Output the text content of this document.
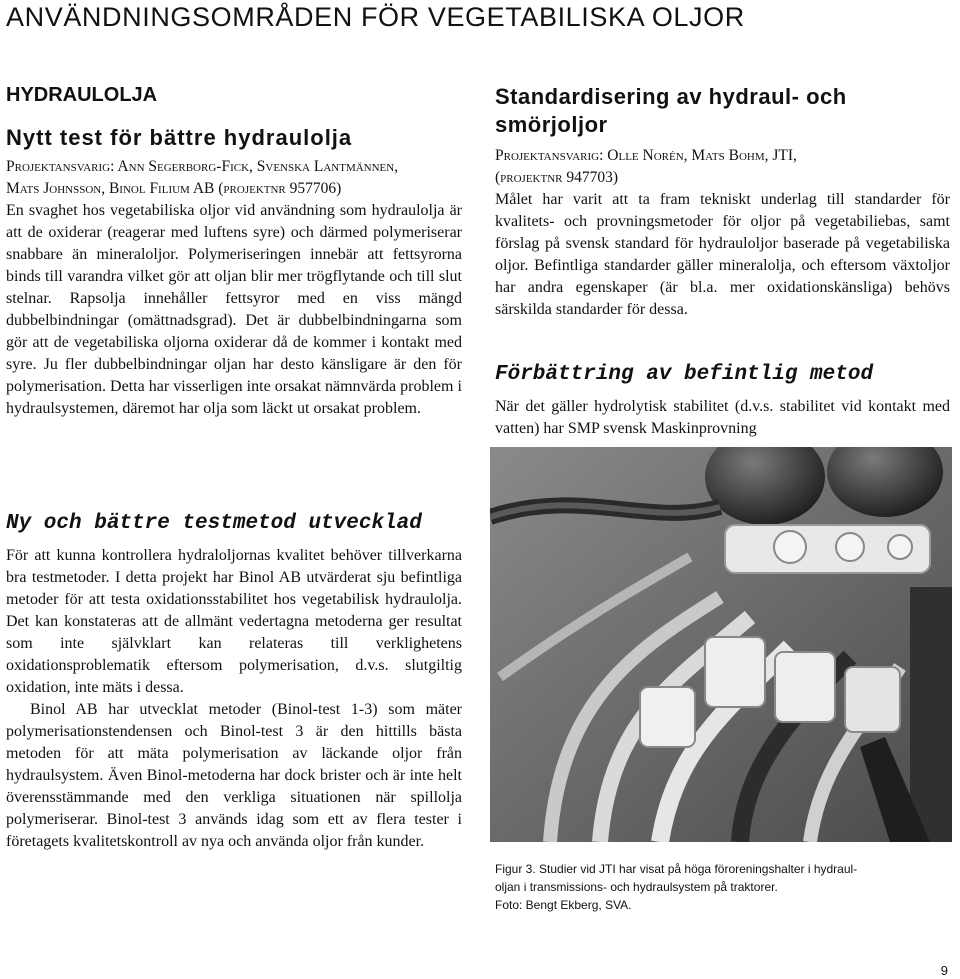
ANVÄNDNINGSOMRÅDEN FÖR VEGETABILISKA OLJOR
HYDRAULOLJA
Nytt test för bättre hydraulolja

Projektansvarig: Ann Segerborg-Fick, Svenska Lantmännen,

Mats Johnsson, Binol Filium AB (projektnr 957706)

En svaghet hos vegetabiliska oljor vid användning som hydraulolja är att de oxiderar (reagerar med luftens syre) och därmed polymeriserar snabbare än mineraloljor. Polymeriseringen innebär att fettsyrorna binds till varandra vilket gör att oljan blir mer trögflytande och till slut stelnar. Rapsolja innehåller fettsyror med en viss mängd dubbelbindningar (omättnadsgrad). Det är dubbelbindningarna som gör att de vegetabiliska oljorna oxiderar då de kommer i kontakt med syre. Ju fler dubbelbindningar oljan har desto känsligare är den för polymerisation. Detta har visserligen inte orsakat nämnvärda problem i hydraulsystemen, däremot har olja som läckt ut orsakat problem.

Ny och bättre testmetod utvecklad

För att kunna kontrollera hydraloljornas kvalitet behöver tillverkarna bra testmetoder. I detta projekt har Binol AB utvärderat sju befintliga metoder för att testa oxidationsstabilitet hos vegetabilisk hydraulolja. Det kan konstateras att de allmänt vedertagna metoderna ger resultat som inte självklart kan relateras till verklighetens oxidationsproblematik eftersom polymerisation, d.v.s. slutgiltig oxidation, inte mäts i dessa.

Binol AB har utvecklat metoder (Binol-test 1-3) som mäter polymerisationstendensen och Binol-test 3 är den hittills bästa metoden för att mäta polymerisation av läckande oljor från hydraulsystem. Även Binol-metoderna har dock brister och är inte helt överensstämmande med den verkliga situationen när spillolja polymeriserar. Binol-test 3 används idag som ett av flera tester i företagets kvalitetskontroll av nya och använda oljor från kunder.

Standardisering av hydraul- och smörjoljor

Projektansvarig: Olle Norén, Mats Bohm, JTI,

(projektnr 947703)

Målet har varit att ta fram tekniskt underlag till standarder för kvalitets- och provningsmetoder för oljor på vegetabiliebas, samt förslag på svensk standard för hydrauloljor baserade på vegetabiliska oljor. Befintliga standarder gäller mineralolja, och eftersom växtoljor har andra egenskaper (är bl.a. mer oxidationskänsliga) behövs särskilda standarder för dessa.

Förbättring av befintlig metod

När det gäller hydrolytisk stabilitet (d.v.s. stabilitet vid kontakt med vatten) har SMP svensk Maskinprovning

Figur 3. Studier vid JTI har visat på höga föroreningshalter i hydraul-

oljan i transmissions- och hydraulsystem på traktorer.

Foto: Bengt Ekberg, SVA.

9
